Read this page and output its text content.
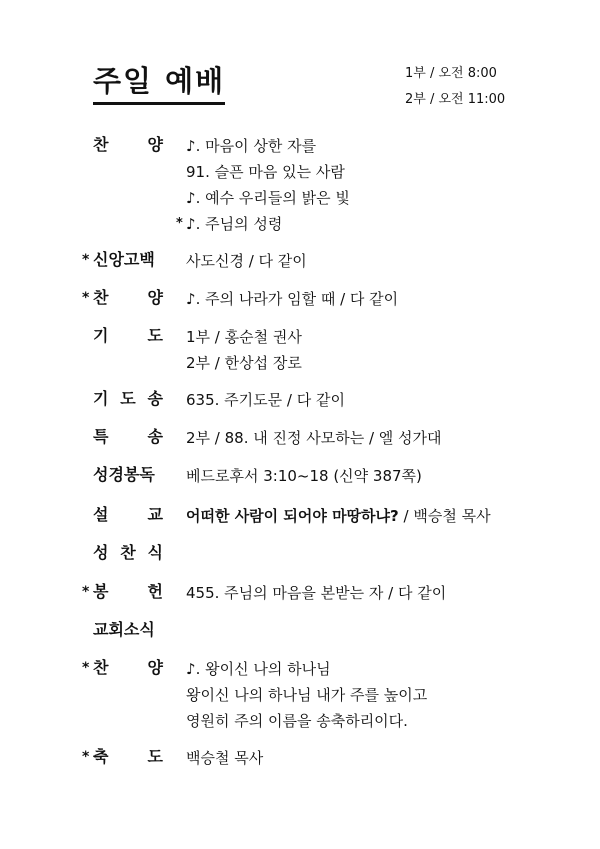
주일 예배	1부 / 오전 8:00
2부 / 오전 11:00
찬 양 ♪. 마음이 상한 자를
91. 슬픈 마음 있는 사람
♪. 예수 우리들의 밝은 빛
* ♪. 주님의 성령
* 신앙고백 사도신경 / 다 같이
* 찬 양 ♪. 주의 나라가 임할 때 / 다 같이
기 도 1부 / 홍순철 권사
2부 / 한상섭 장로
기 도 송 635. 주기도문 / 다 같이
특 송 2부 / 88. 내 진정 사모하는 / 엘 성가대
성경봉독 베드로후서 3:10~18 (신약 387쪽)
설 교 어떠한 사람이 되어야 마땅하냐? / 백승철 목사
성 찬 식
* 봉 헌 455. 주님의 마음을 본받는 자 / 다 같이
교회소식
* 찬 양 ♪. 왕이신 나의 하나님
왕이신 나의 하나님 내가 주를 높이고
영원히 주의 이름을 송축하리이다.
* 축 도 백승철 목사
